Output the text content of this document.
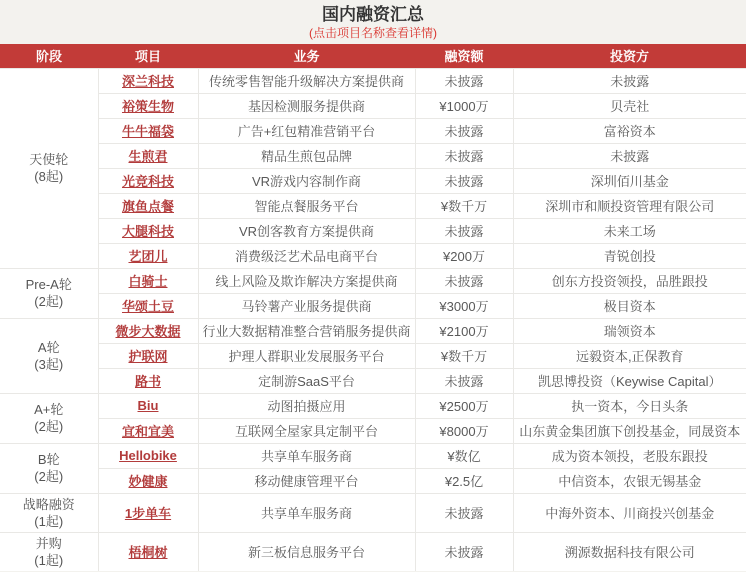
国内融资汇总
(点击项目名称查看详情)
阶段	项目	业务	融资额	投资方

天使轮
(8起)	深兰科技	传统零售智能升级解决方案提供商	未披露	未披露
	裕策生物	基因检测服务提供商	¥1000万	贝壳社
	牛牛福袋	广告+红包精准营销平台	未披露	富裕资本
	生煎君	精品生煎包品牌	未披露	未披露
	光竞科技	VR游戏内容制作商	未披露	深圳佰川基金
	旗鱼点餐	智能点餐服务平台	¥数千万	深圳市和顺投资管理有限公司
	大腿科技	VR创客教育方案提供商	未披露	未来工场
	艺团儿	消费级泛艺术品电商平台	¥200万	青锐创投

Pre-A轮
(2起)	白骑士	线上风险及欺诈解决方案提供商	未披露	创东方投资领投，品胜跟投
	华颂土豆	马铃薯产业服务提供商	¥3000万	极目资本

A轮
(3起)	微步大数据	行业大数据精准整合营销服务提供商	¥2100万	瑞领资本
	护联网	护理人群职业发展服务平台	¥数千万	远毅资本,正保教育
	路书	定制游SaaS平台	未披露	凯思博投资（Keywise Capital）

A+轮
(2起)	Biu	动图拍摄应用	¥2500万	执一资本，今日头条
	宜和宜美	互联网全屋家具定制平台	¥8000万	山东黄金集团旗下创投基金，同晟资本

B轮
(2起)	Hellobike	共享单车服务商	¥数亿	成为资本领投，老股东跟投
	妙健康	移动健康管理平台	¥2.5亿	中信资本，农银无锡基金

战略融资
(1起)	1步单车	共享单车服务商	未披露	中海外资本、川商投兴创基金

并购
(1起)	梧桐树	新三板信息服务平台	未披露	溯源数据科技有限公司
